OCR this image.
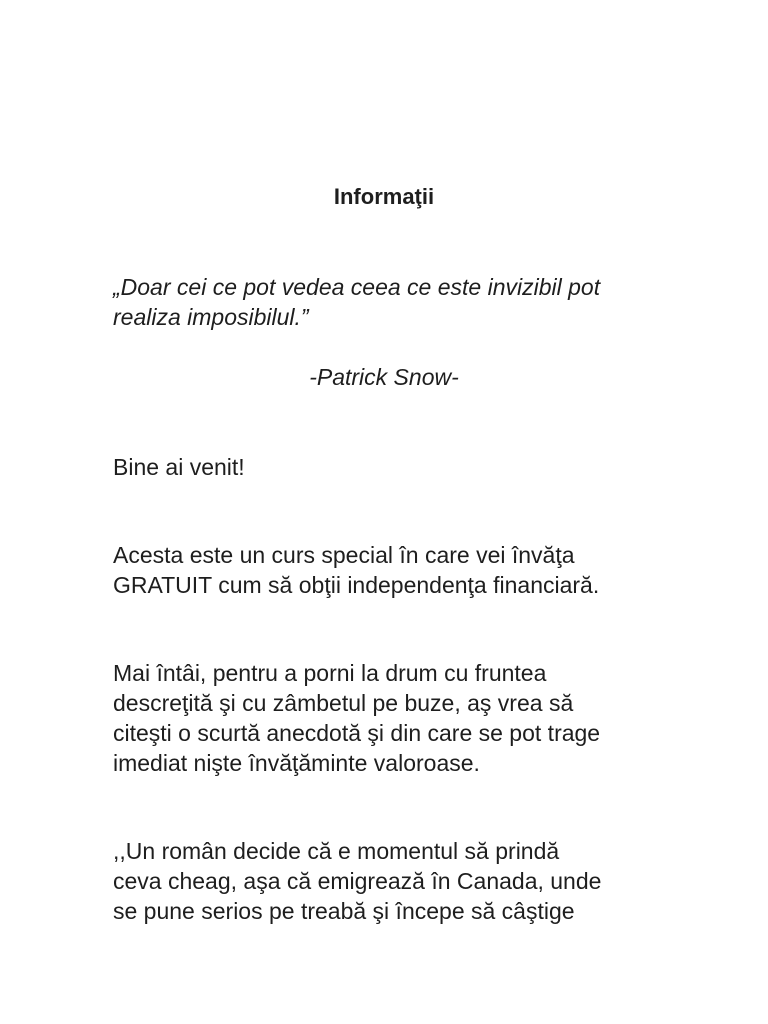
Informaţii
„Doar cei ce pot vedea ceea ce este invizibil pot
realiza imposibilul.”
-Patrick Snow-
Bine ai venit!
Acesta este un curs special în care vei învăţa
GRATUIT cum să obţii independenţa financiară.
Mai întâi, pentru a porni la drum cu fruntea
descreţită şi cu zâmbetul pe buze, aş vrea să
citeşti o scurtă anecdotă şi din care se pot trage
imediat nişte învăţăminte valoroase.
,,Un român decide că e momentul să prindă
ceva cheag, aşa că emigrează în Canada, unde
se pune serios pe treabă şi începe să câştige
